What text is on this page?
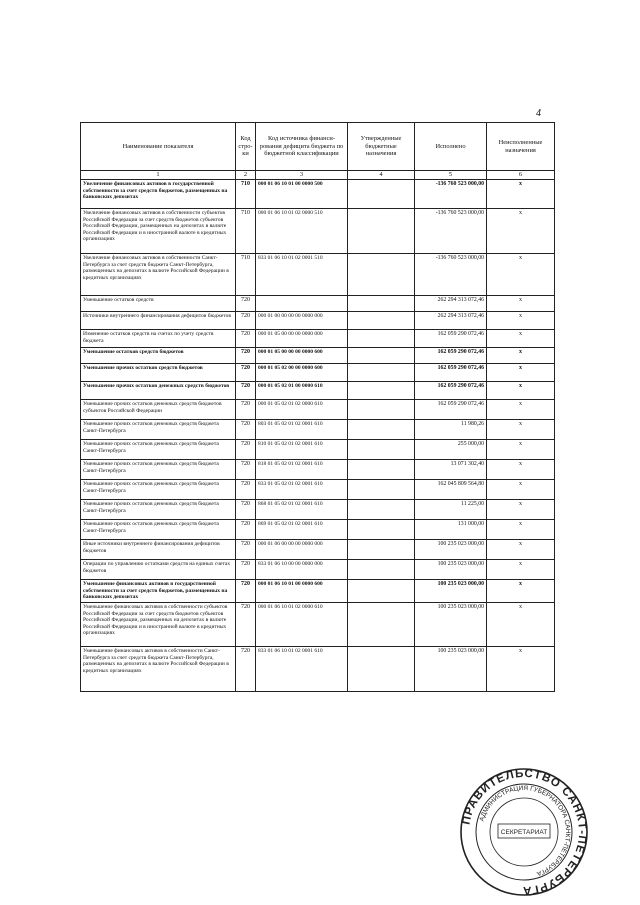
4
Наименование показателя	Код стро-ки	Код источника финанси-рования дефицита бюджета по бюджетной классификации	Утвержденные бюджетные назначения	Исполнено	Неисполненные назначения
1	2	3	4	5	6
Увеличение финансовых активов в государственной собственности за счет средств бюджетов, размещенных на банковских депозитах	710	000 01 06 10 01 00 0000 500		-136 760 523 000,00	x
Увеличение финансовых активов в собственности субъектов Российской Федерации за счет средств бюджетов субъектов Российской Федерации, размещенных на депозитах в валюте Российской Федерации и в иностранной валюте в кредитных организациях	710	000 01 06 10 01 02 0000 510		-136 760 523 000,00	x
Увеличение финансовых активов в собственности Санкт-Петербурга за счет средств бюджета Санкт-Петербурга, размещенных на депозитах в валюте Российской Федерации в кредитных организациях	710	833 01 06 10 01 02 0001 510		-136 760 523 000,00	x
Уменьшение остатков средств	720			262 294 313 072,46	x
Источники внутреннего финансирования дефицитов бюджетов	720	000 01 00 00 00 00 0000 000		262 294 313 072,46	x
Изменение остатков средств на счетах по учету средств бюджета	720	000 01 05 00 00 00 0000 000		162 059 290 072,46	x
Уменьшение остатков средств бюджетов	720	000 01 05 00 00 00 0000 600		162 059 290 072,46	x
Уменьшение прочих остатков средств бюджетов	720	000 01 05 02 00 00 0000 600		162 059 290 072,46	x
Уменьшение прочих остатков денежных средств бюджетов	720	000 01 05 02 01 00 0000 610		162 059 290 072,46	x
Уменьшение прочих остатков денежных средств бюджетов субъектов Российской Федерации	720	000 01 05 02 01 02 0000 610		162 059 290 072,46	x
Уменьшение прочих остатков денежных средств бюджета Санкт-Петербурга	720	803 01 05 02 01 02 0001 610		11 980,26	x
Уменьшение прочих остатков денежных средств бюджета Санкт-Петербурга	720	810 01 05 02 01 02 0001 610		255 000,00	x
Уменьшение прочих остатков денежных средств бюджета Санкт-Петербурга	720	818 01 05 02 01 02 0001 610		13 071 302,40	x
Уменьшение прочих остатков денежных средств бюджета Санкт-Петербурга	720	833 01 05 02 01 02 0001 610		162 045 809 564,80	x
Уменьшение прочих остатков денежных средств бюджета Санкт-Петербурга	720	868 01 05 02 01 02 0001 610		11 225,00	x
Уменьшение прочих остатков денежных средств бюджета Санкт-Петербурга	720	869 01 05 02 01 02 0001 610		131 000,00	x
Иные источники внутреннего финансирования дефицитов бюджетов	720	000 01 06 00 00 00 0000 000		100 235 023 000,00	x
Операции по управлению остатками средств на единых счетах бюджетов	720	833 01 06 10 00 00 0000 000		100 235 023 000,00	x
Уменьшение финансовых активов в государственной собственности за счет средств бюджетов, размещенных на банковских депозитах	720	000 01 06 10 01 00 0000 600		100 235 023 000,00	x
Уменьшение финансовых активов в собственности субъектов Российской Федерации за счет средств бюджетов субъектов Российской Федерации, размещенных на депозитах в валюте Российской Федерации и в иностранной валюте в кредитных организациях	720	000 01 06 10 01 02 0000 610		100 235 023 000,00	x
Уменьшение финансовых активов в собственности Санкт-Петербурга за счет средств бюджета Санкт-Петербурга, размещенных на депозитах в валюте Российской Федерации в кредитных организациях	720	833 01 06 10 01 02 0001 610		100 235 023 000,00	x
ПРАВИТЕЛЬСТВО САНКТ-ПЕТЕРБУРГА
АДМИНИСТРАЦИЯ ГУБЕРНАТОРА САНКТ-ПЕТЕРБУРГА
СЕКРЕТАРИАТ
